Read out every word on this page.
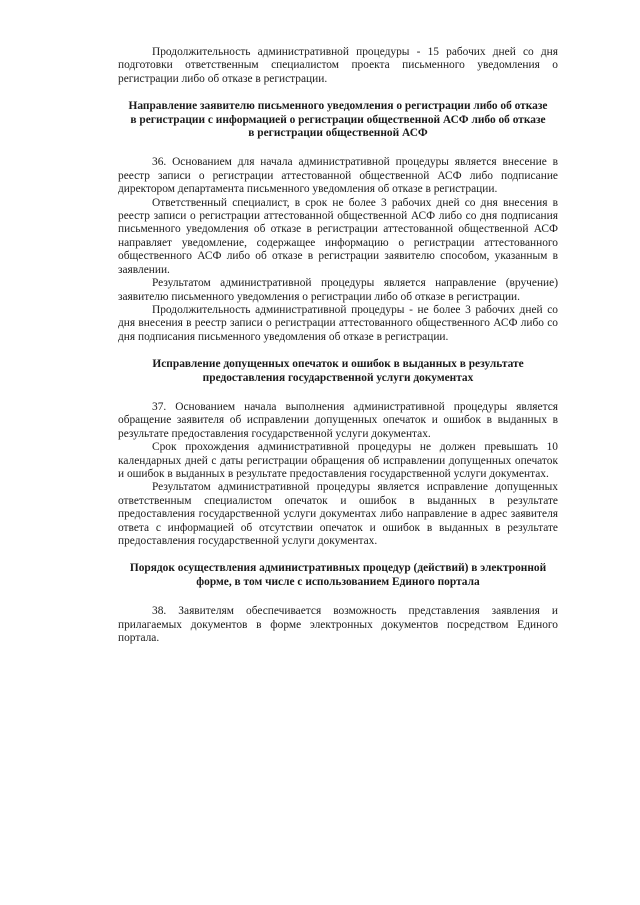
Продолжительность административной процедуры - 15 рабочих дней со дня подготовки ответственным специалистом проекта письменного уведомления о регистрации либо об отказе в регистрации.

Направление заявителю письменного уведомления о регистрации либо об отказе в регистрации с информацией о регистрации общественной АСФ либо об отказе в регистрации общественной АСФ

36. Основанием для начала административной процедуры является внесение в реестр записи о регистрации аттестованной общественной АСФ либо подписание директором департамента письменного уведомления об отказе в регистрации.

Ответственный специалист, в срок не более 3 рабочих дней со дня внесения в реестр записи о регистрации аттестованной общественной АСФ либо со дня подписания письменного уведомления об отказе в регистрации аттестованной общественной АСФ направляет уведомление, содержащее информацию о регистрации аттестованного общественного АСФ либо об отказе в регистрации заявителю способом, указанным в заявлении.

Результатом административной процедуры является направление (вручение) заявителю письменного уведомления о регистрации либо об отказе в регистрации.

Продолжительность административной процедуры - не более 3 рабочих дней со дня внесения в реестр записи о регистрации аттестованного общественного АСФ либо со дня подписания письменного уведомления об отказе в регистрации.

Исправление допущенных опечаток и ошибок в выданных в результате предоставления государственной услуги документах

37. Основанием начала выполнения административной процедуры является обращение заявителя об исправлении допущенных опечаток и ошибок в выданных в результате предоставления государственной услуги документах.

Срок прохождения административной процедуры не должен превышать 10 календарных дней с даты регистрации обращения об исправлении допущенных опечаток и ошибок в выданных в результате предоставления государственной услуги документах.

Результатом административной процедуры является исправление допущенных ответственным специалистом опечаток и ошибок в выданных в результате предоставления государственной услуги документах либо направление в адрес заявителя ответа с информацией об отсутствии опечаток и ошибок в выданных в результате предоставления государственной услуги документах.

Порядок осуществления административных процедур (действий) в электронной форме, в том числе с использованием Единого портала

38. Заявителям обеспечивается возможность представления заявления и прилагаемых документов в форме электронных документов посредством Единого портала.
